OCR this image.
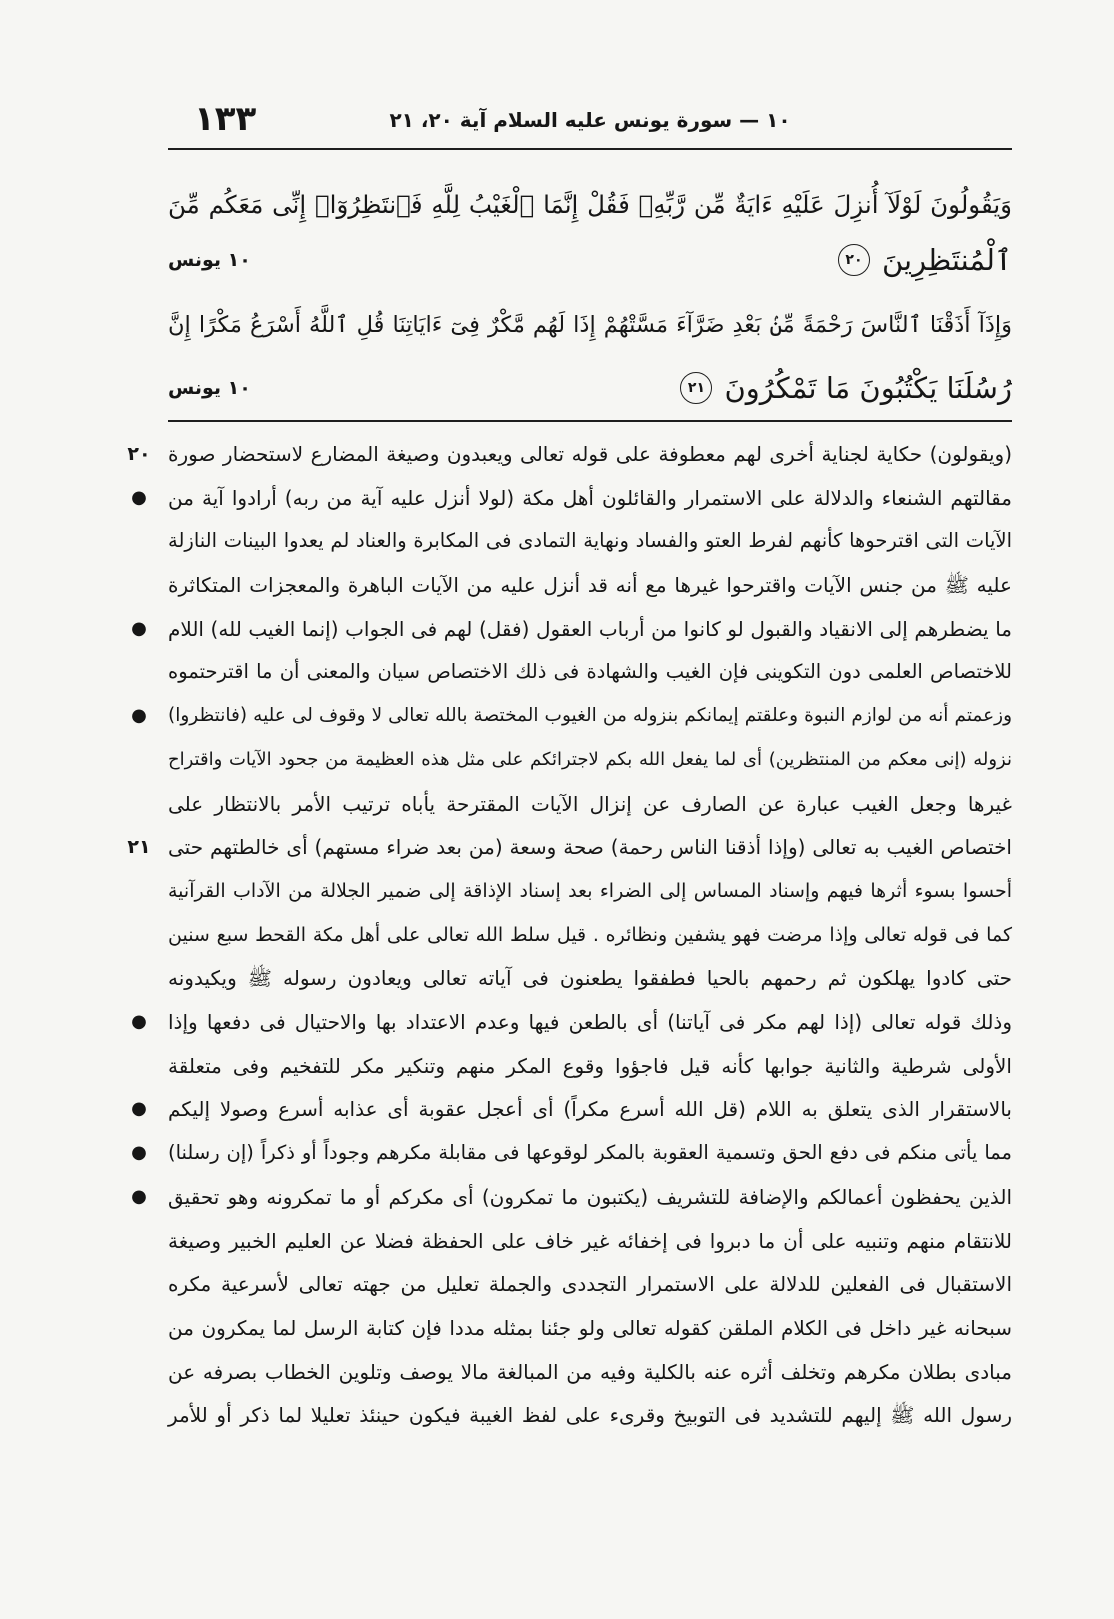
١٣٣	١٠ — سورة يونس عليه السلام آية ٢٠، ٢١
وَيَقُولُونَ لَوْلَآ أُنزِلَ عَلَيْهِ ءَايَةٌ مِّن رَّبِّهِۦ فَقُلْ إِنَّمَا ٱلْغَيْبُ لِلَّهِ فَٱنتَظِرُوٓا۟ إِنِّى مَعَكُم مِّنَ
ٱلْمُنتَظِرِينَ
٢٠
١٠ يونس
وَإِذَآ أَذَقْنَا ٱلنَّاسَ رَحْمَةً مِّنۢ بَعْدِ ضَرَّآءَ مَسَّتْهُمْ إِذَا لَهُم مَّكْرٌ فِىٓ ءَايَاتِنَا قُلِ ٱللَّهُ أَسْرَعُ مَكْرًا إِنَّ
رُسُلَنَا يَكْتُبُونَ مَا تَمْكُرُونَ
٢١
١٠ يونس
٢٠ (ويقولون) حكاية لجناية أخرى لهم معطوفة على قوله تعالى ويعبدون وصيغة المضارع لاستحضار صورة
●	مقالتهم الشنعاء والدلالة على الاستمرار والقائلون أهل مكة (لولا أنزل عليه آية من ربه) أرادوا آية من
الآيات التى اقترحوها كأنهم لفرط العتو والفساد ونهاية التمادى فى المكابرة والعناد لم يعدوا البينات النازلة
عليه ﷺ من جنس الآيات واقترحوا غيرها مع أنه قد أنزل عليه من الآيات الباهرة والمعجزات المتكاثرة
●	ما يضطرهم إلى الانقياد والقبول لو كانوا من أرباب العقول (فقل) لهم فى الجواب (إنما الغيب لله) اللام
للاختصاص العلمى دون التكوينى فإن الغيب والشهادة فى ذلك الاختصاص سيان والمعنى أن ما اقترحتموه
●	وزعمتم أنه من لوازم النبوة وعلقتم إيمانكم بنزوله من الغيوب المختصة بالله تعالى لا وقوف لى عليه (فانتظروا)
نزوله (إنى معكم من المنتظرين) أى لما يفعل الله بكم لاجترائكم على مثل هذه العظيمة من جحود الآيات واقتراح
غيرها وجعل الغيب عبارة عن الصارف عن إنزال الآيات المقترحة يأباه ترتيب الأمر بالانتظار على
٢١ اختصاص الغيب به تعالى (وإذا أذقنا الناس رحمة) صحة وسعة (من بعد ضراء مستهم) أى خالطتهم حتى
أحسوا بسوء أثرها فيهم وإسناد المساس إلى الضراء بعد إسناد الإذاقة إلى ضمير الجلالة من الآداب القرآنية
كما فى قوله تعالى وإذا مرضت فهو يشفين ونظائره . قيل سلط الله تعالى على أهل مكة القحط سبع سنين
حتى كادوا يهلكون ثم رحمهم بالحيا فطفقوا يطعنون فى آياته تعالى ويعادون رسوله ﷺ ويكيدونه
●	وذلك قوله تعالى (إذا لهم مكر فى آياتنا) أى بالطعن فيها وعدم الاعتداد بها والاحتيال فى دفعها وإذا
الأولى شرطية والثانية جوابها كأنه قيل فاجؤوا وقوع المكر منهم وتنكير مكر للتفخيم وفى متعلقة
●	بالاستقرار الذى يتعلق به اللام (قل الله أسرع مكراً) أى أعجل عقوبة أى عذابه أسرع وصولا إليكم
●	مما يأتى منكم فى دفع الحق وتسمية العقوبة بالمكر لوقوعها فى مقابلة مكرهم وجوداً أو ذكراً (إن رسلنا)
●	الذين يحفظون أعمالكم والإضافة للتشريف (يكتبون ما تمكرون) أى مكركم أو ما تمكرونه وهو تحقيق
للانتقام منهم وتنبيه على أن ما دبروا فى إخفائه غير خاف على الحفظة فضلا عن العليم الخبير وصيغة
الاستقبال فى الفعلين للدلالة على الاستمرار التجددى والجملة تعليل من جهته تعالى لأسرعية مكره
سبحانه غير داخل فى الكلام الملقن كقوله تعالى ولو جئنا بمثله مددا فإن كتابة الرسل لما يمكرون من
مبادى بطلان مكرهم وتخلف أثره عنه بالكلية وفيه من المبالغة مالا يوصف وتلوين الخطاب بصرفه عن
رسول الله ﷺ إليهم للتشديد فى التوبيخ وقرىء على لفظ الغيبة فيكون حينئذ تعليلا لما ذكر أو للأمر
